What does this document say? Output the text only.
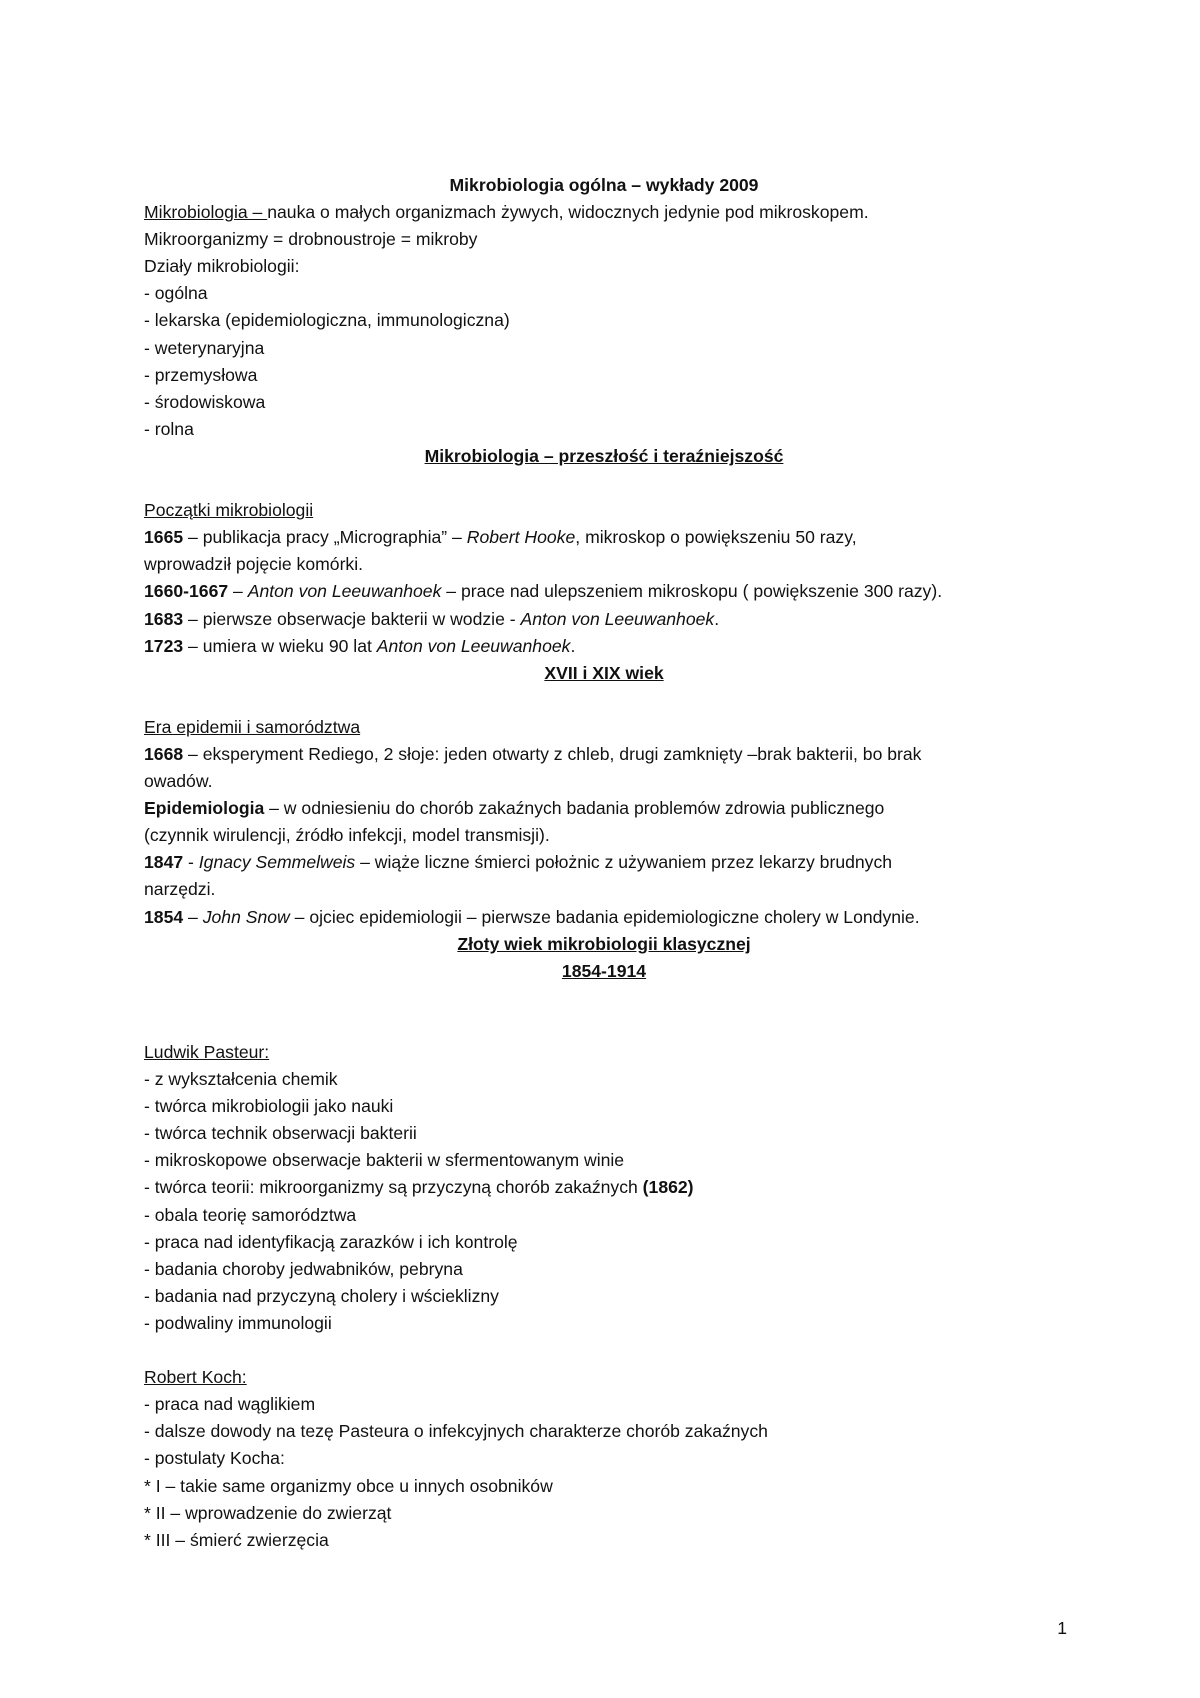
Mikrobiologia ogólna – wykłady 2009
Mikrobiologia – nauka o małych organizmach żywych, widocznych jedynie pod mikroskopem.
Mikroorganizmy = drobnoustroje = mikroby
Działy mikrobiologii:
- ogólna
- lekarska (epidemiologiczna, immunologiczna)
- weterynaryjna
- przemysłowa
- środowiskowa
- rolna
Mikrobiologia – przeszłość i teraźniejszość
Początki mikrobiologii
1665 – publikacja pracy „Micrographia” – Robert Hooke, mikroskop o powiększeniu 50 razy,
wprowadził pojęcie komórki.
1660-1667 – Anton von Leeuwanhoek – prace nad ulepszeniem mikroskopu ( powiększenie 300 razy).
1683 – pierwsze obserwacje bakterii w wodzie - Anton von Leeuwanhoek.
1723 – umiera w wieku 90 lat Anton von Leeuwanhoek.
XVII i XIX wiek
Era epidemii i samorództwa
1668 – eksperyment Rediego, 2 słoje: jeden otwarty z chleb, drugi zamknięty –brak bakterii, bo brak
owadów.
Epidemiologia – w odniesieniu do chorób zakaźnych badania problemów zdrowia publicznego
(czynnik wirulencji, źródło infekcji, model transmisji).
1847 - Ignacy Semmelweis – wiąże liczne śmierci położnic z używaniem przez lekarzy brudnych
narzędzi.
1854 – John Snow – ojciec epidemiologii – pierwsze badania epidemiologiczne cholery w Londynie.
Złoty wiek mikrobiologii klasycznej
1854-1914
Ludwik Pasteur:
- z wykształcenia chemik
- twórca mikrobiologii jako nauki
- twórca technik obserwacji bakterii
- mikroskopowe obserwacje bakterii w sfermentowanym winie
- twórca teorii: mikroorganizmy są przyczyną chorób zakaźnych (1862)
- obala teorię samorództwa
- praca nad identyfikacją zarazków i ich kontrolę
- badania choroby jedwabników, pebryna
- badania nad przyczyną cholery i wścieklizny
- podwaliny immunologii
Robert Koch:
- praca nad wąglikiem
- dalsze dowody na tezę Pasteura o infekcyjnych charakterze chorób zakaźnych
- postulaty Kocha:
* I – takie same organizmy obce u innych osobników
* II – wprowadzenie do zwierząt
* III – śmierć zwierzęcia
1
